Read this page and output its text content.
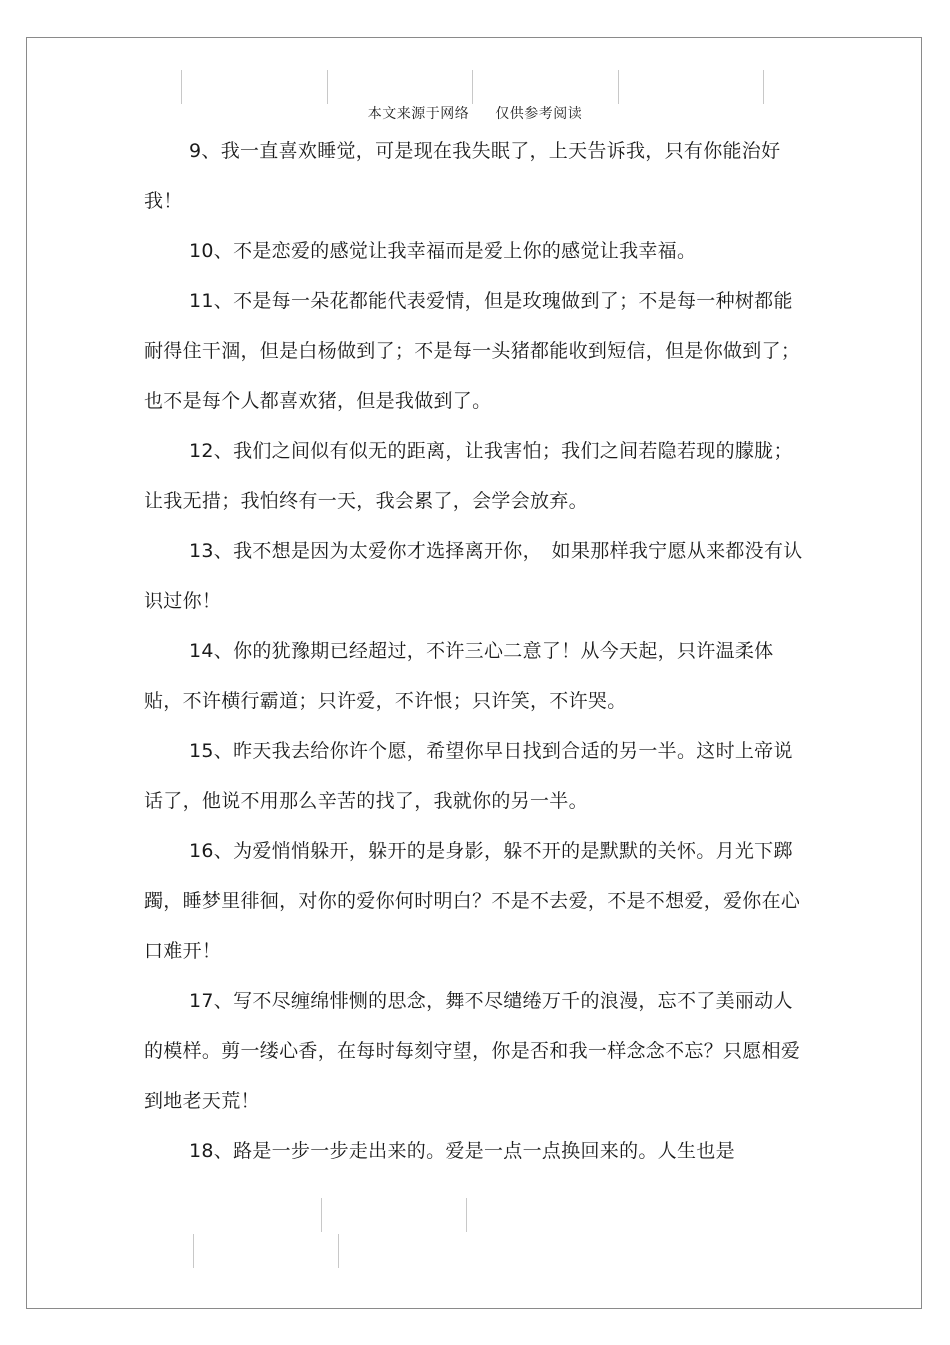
本文来源于网络 仅供参考阅读

9、我一直喜欢睡觉，可是现在我失眠了，上天告诉我，只有你能治好我！

10、不是恋爱的感觉让我幸福而是爱上你的感觉让我幸福。

11、不是每一朵花都能代表爱情，但是玫瑰做到了；不是每一种树都能耐得住干涸，但是白杨做到了；不是每一头猪都能收到短信，但是你做到了；也不是每个人都喜欢猪，但是我做到了。

12、我们之间似有似无的距离，让我害怕；我们之间若隐若现的朦胧；让我无措；我怕终有一天，我会累了，会学会放弃。

13、我不想是因为太爱你才选择离开你，　如果那样我宁愿从来都没有认识过你！

14、你的犹豫期已经超过，不许三心二意了！从今天起，只许温柔体贴，不许横行霸道；只许爱，不许恨；只许笑，不许哭。

15、昨天我去给你许个愿，希望你早日找到合适的另一半。这时上帝说话了，他说不用那么辛苦的找了，我就你的另一半。

16、为爱悄悄躲开，躲开的是身影，躲不开的是默默的关怀。月光下踯躅，睡梦里徘徊，对你的爱你何时明白？不是不去爱，不是不想爱，爱你在心口难开！

17、写不尽缠绵悱恻的思念，舞不尽缱绻万千的浪漫，忘不了美丽动人的模样。剪一缕心香，在每时每刻守望，你是否和我一样念念不忘？只愿相爱到地老天荒！

18、路是一步一步走出来的。爱是一点一点换回来的。人生也是
